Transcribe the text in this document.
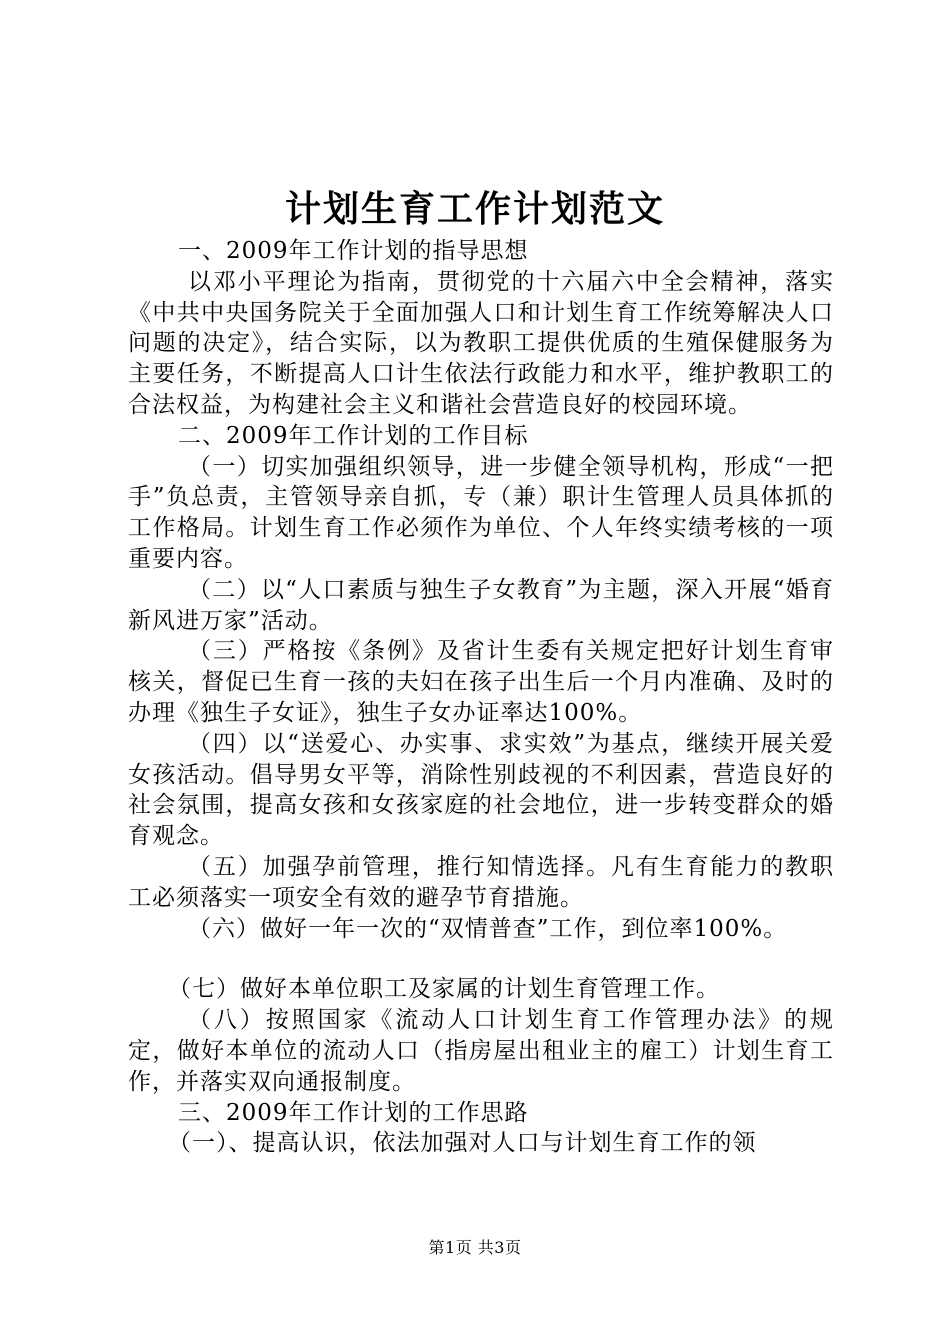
计划生育工作计划范文

一、2009年工作计划的指导思想

以邓小平理论为指南，贯彻党的十六届六中全会精神，落实《中共中央国务院关于全面加强人口和计划生育工作统筹解决人口问题的决定》，结合实际，以为教职工提供优质的生殖保健服务为主要任务，不断提高人口计生依法行政能力和水平，维护教职工的合法权益，为构建社会主义和谐社会营造良好的校园环境。

二、2009年工作计划的工作目标

（一）切实加强组织领导，进一步健全领导机构，形成“一把手”负总责，主管领导亲自抓，专（兼）职计生管理人员具体抓的工作格局。计划生育工作必须作为单位、个人年终实绩考核的一项重要内容。

（二）以“人口素质与独生子女教育”为主题，深入开展“婚育新风进万家”活动。

（三）严格按《条例》及省计生委有关规定把好计划生育审核关，督促已生育一孩的夫妇在孩子出生后一个月内准确、及时的办理《独生子女证》，独生子女办证率达100%。

（四）以“送爱心、办实事、求实效”为基点，继续开展关爱女孩活动。倡导男女平等，消除性别歧视的不利因素，营造良好的社会氛围，提高女孩和女孩家庭的社会地位，进一步转变群众的婚育观念。

（五）加强孕前管理，推行知情选择。凡有生育能力的教职工必须落实一项安全有效的避孕节育措施。

（六）做好一年一次的“双情普查”工作，到位率100%。

（七）做好本单位职工及家属的计划生育管理工作。

（八）按照国家《流动人口计划生育工作管理办法》的规定，做好本单位的流动人口（指房屋出租业主的雇工）计划生育工作，并落实双向通报制度。

三、2009年工作计划的工作思路

（一）、提高认识，依法加强对人口与计划生育工作的领

第1页 共3页
